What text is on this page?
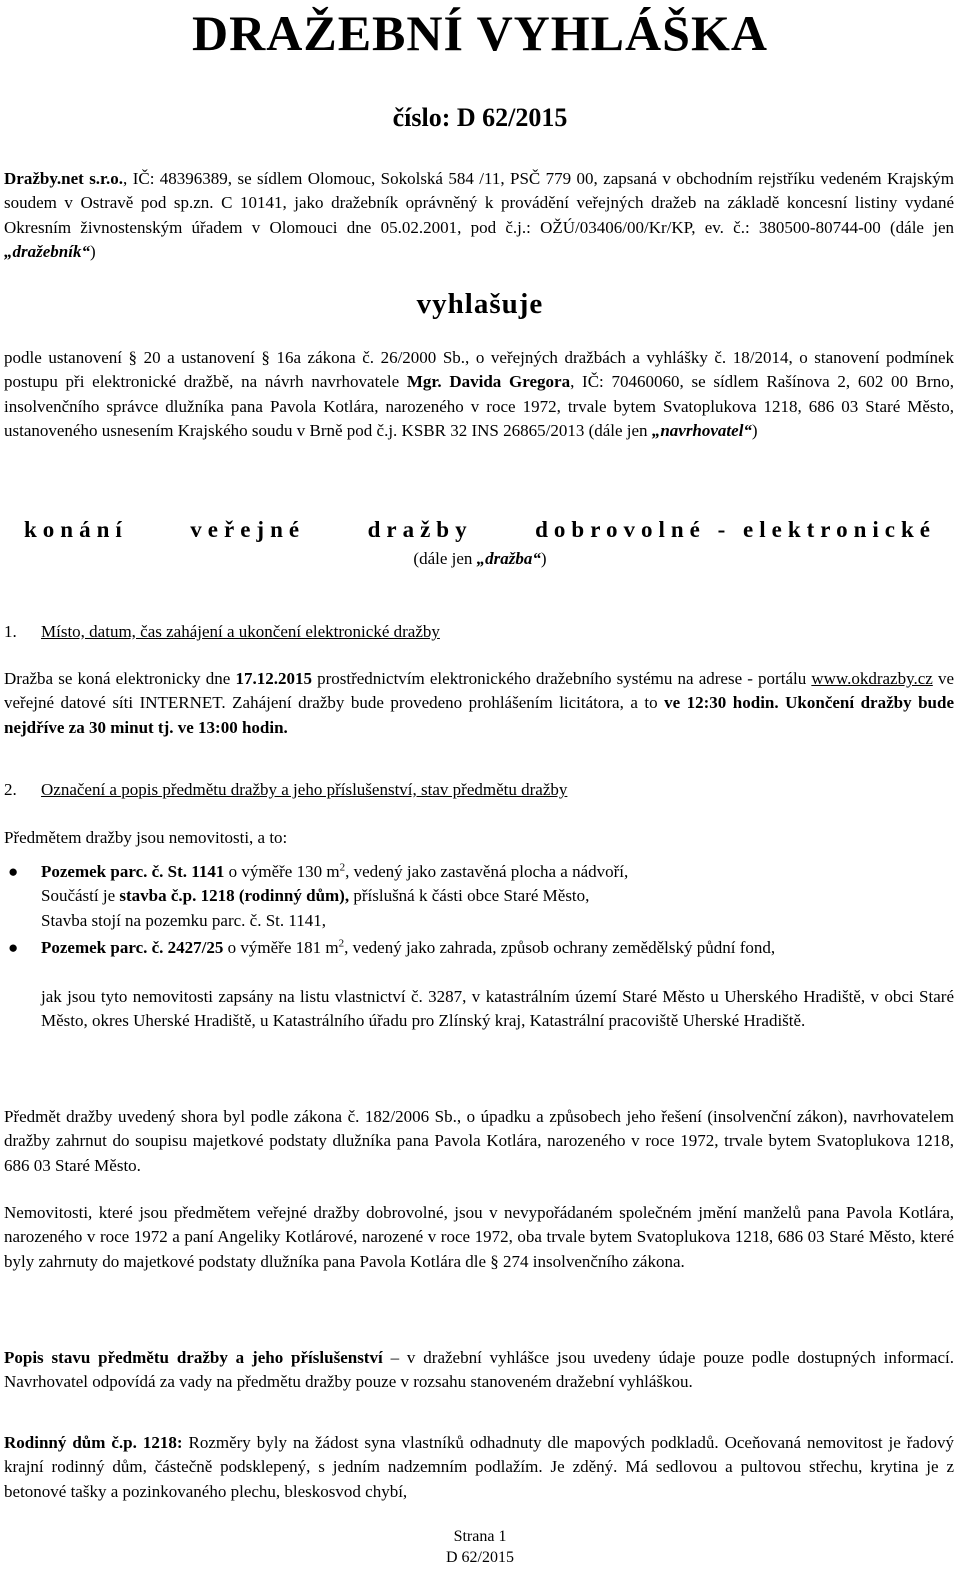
DRAŽEBNÍ VYHLÁŠKA
číslo: D 62/2015
Dražby.net s.r.o., IČ: 48396389, se sídlem Olomouc, Sokolská 584 /11, PSČ 779 00, zapsaná v obchodním rejstříku vedeném Krajským soudem v Ostravě pod sp.zn. C 10141, jako dražebník oprávněný k provádění veřejných dražeb na základě koncesní listiny vydané Okresním živnostenským úřadem v Olomouci dne 05.02.2001, pod č.j.: OŽÚ/03406/00/Kr/KP, ev. č.: 380500-80744-00 (dále jen „dražebník“)
vyhlašuje
podle ustanovení § 20 a ustanovení § 16a zákona č. 26/2000 Sb., o veřejných dražbách a vyhlášky č. 18/2014, o stanovení podmínek postupu při elektronické dražbě, na návrh navrhovatele Mgr. Davida Gregora, IČ: 70460060, se sídlem Rašínova 2, 602 00 Brno, insolvenčního správce dlužníka pana Pavola Kotlára, narozeného v roce 1972, trvale bytem Svatoplukova 1218, 686 03 Staré Město, ustanoveného usnesením Krajského soudu v Brně pod č.j. KSBR 32 INS 26865/2013 (dále jen „navrhovatel“)
konání	veřejné	dražby	dobrovolné - elektronické
(dále jen „dražba“)
1. Místo, datum, čas zahájení a ukončení elektronické dražby
Dražba se koná elektronicky dne 17.12.2015 prostřednictvím elektronického dražebního systému na adrese - portálu www.okdrazby.cz ve veřejné datové síti INTERNET. Zahájení dražby bude provedeno prohlášením licitátora, a to ve 12:30 hodin. Ukončení dražby bude nejdříve za 30 minut tj. ve 13:00 hodin.
2. Označení a popis předmětu dražby a jeho příslušenství, stav předmětu dražby
Předmětem dražby jsou nemovitosti, a to:
● Pozemek parc. č. St. 1141 o výměře 130 $m^2$, vedený jako zastavěná plocha a nádvoří,
Součástí je stavba č.p. 1218 (rodinný dům), příslušná k části obce Staré Město,
Stavba stojí na pozemku parc. č. St. 1141,
● Pozemek parc. č. 2427/25 o výměře 181 $m^2$, vedený jako zahrada, způsob ochrany zemědělský půdní fond,
jak jsou tyto nemovitosti zapsány na listu vlastnictví č. 3287, v katastrálním území Staré Město u Uherského Hradiště, v obci Staré Město, okres Uherské Hradiště, u Katastrálního úřadu pro Zlínský kraj, Katastrální pracoviště Uherské Hradiště.
Předmět dražby uvedený shora byl podle zákona č. 182/2006 Sb., o úpadku a způsobech jeho řešení (insolvenční zákon), navrhovatelem dražby zahrnut do soupisu majetkové podstaty dlužníka pana Pavola Kotlára, narozeného v roce 1972, trvale bytem Svatoplukova 1218, 686 03 Staré Město.
Nemovitosti, které jsou předmětem veřejné dražby dobrovolné, jsou v nevypořádaném společném jmění manželů pana Pavola Kotlára, narozeného v roce 1972 a paní Angeliky Kotlárové, narozené v roce 1972, oba trvale bytem Svatoplukova 1218, 686 03 Staré Město, které byly zahrnuty do majetkové podstaty dlužníka pana Pavola Kotlára dle § 274 insolvenčního zákona.
Popis stavu předmětu dražby a jeho příslušenství – v dražební vyhlášce jsou uvedeny údaje pouze podle dostupných informací. Navrhovatel odpovídá za vady na předmětu dražby pouze v rozsahu stanoveném dražební vyhláškou.
Rodinný dům č.p. 1218: Rozměry byly na žádost syna vlastníků odhadnuty dle mapových podkladů. Oceňovaná nemovitost je řadový krajní rodinný dům, částečně podsklepený, s jedním nadzemním podlažím. Je zděný. Má sedlovou a pultovou střechu, krytina je z betonové tašky a pozinkovaného plechu, bleskosvod chybí,
Strana 1
D 62/2015
